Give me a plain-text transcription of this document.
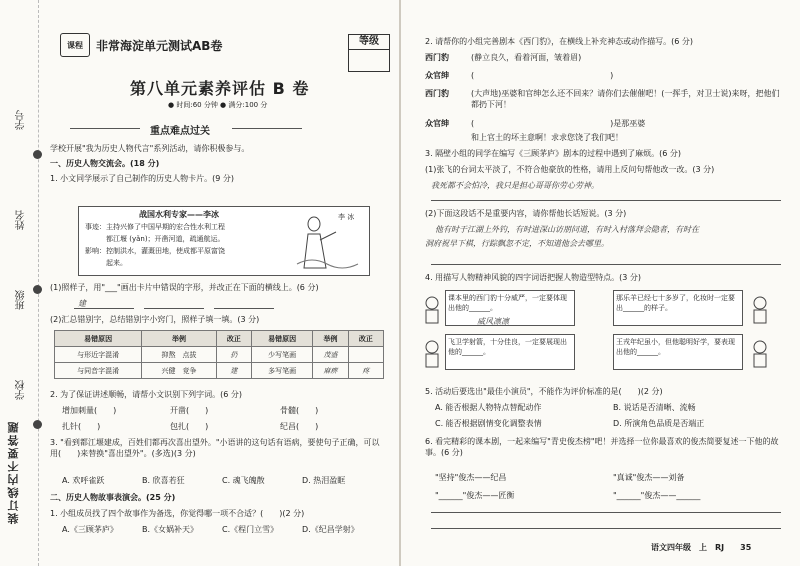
学号
姓名
班级
学校
装订线内不要答题
课程	非常海淀单元测试AB卷	等级
第八单元素养评估 B 卷
● 时间:60 分钟 ● 满分:100 分
重点难点过关
学校开展"我为历史人物代言"系列活动，请你积极参与。
一、历史人物交流会。(18 分)
1. 小文同学展示了自己制作的历史人物卡片。(9 分)
战国水利专家——李冰
事迹：主持兴修了中国早期的宏合性水利工程
　　　都江堰 (yǎn)；开凿河道，疏通航运。
影响：控制洪水，灌溉田地，使成都平原富饶
　　　起来。
李 冰
(1)照样子，用"___"画出卡片中错误的字形，并改正在下面的横线上。(6 分)
建
(2)汇总错别字，总结错别字小窍门，照样子填一填。(3 分)
易错原因	举例	改正	易错原因	举例	改正
与形近字混淆	抑熬　点拔	扔	少写笔画	茂盛	
与同音字混淆	兴健　竞争	建	多写笔画	麻痹	疼
2. 为了保证讲述顺畅，请帮小文识别下列字词。(6 分)
增加刺量(　　)	开凿(　　)	骨髓(　　)
扎针(　　)	包扎(　　)	纪昌(　　)
3. "看到都江堰建成，百姓们都再次喜出望外。"小语讲的这句话有语病，要使句子正确，可以用(　　)来替换"喜出望外"。(多选)(3 分)
A. 欢呼雀跃	B. 欣喜若狂	C. 魂飞魄散	D. 热泪盈眶
二、历史人物故事表演会。(25 分)
1. 小组成员找了四个故事作为备选，你觉得哪一项不合适？(　　)(2 分)
A.《三顾茅庐》	B.《女娲补天》	C.《程门立雪》	D.《纪昌学射》
2. 请帮你的小组完善剧本《西门豹》，在横线上补充神态或动作描写。(6 分)
西门豹	(静立良久，看着河面，皱着眉)
众官绅	(　　　　　　　　　　　　　　　　　)
西门豹	(大声地)巫婆和官绅怎么还不回来？请你们去催催吧！(一挥手，对卫士说)来呀，把他们都扔下河！
众官绅	(　　　　　　　　　　　　　　　　　)是那巫婆
和上官土的坏主意啊！求求您饶了我们吧！
3. 隔壁小组的同学在编写《三顾茅庐》剧本的过程中遇到了麻烦。(6 分)
(1)张飞的台词太平淡了，不符合他豪放的性格，请用上反问句帮他改一改。(3 分)
我死都不会怕冷，我只是担心哥哥你劳心劳神。
(2)下面这段话不是重要内容，请你帮他长话短说。(3 分)
他有时于江湖上外钓，有时进深山访朋问道，有时入村落拜会隐者，有时在
洞府祝早下棋，行踪飘忽不定，不知道他会去哪里。
4. 用描写人物精神风貌的四字词语把握人物造型特点。(3 分)
课本里的西门豹十分威严，一定要体现出他的______。
威风凛凛
那乐羊已经七十多岁了，化妆时一定要出______的样子。
飞卫学射箭，十分佳良，一定要展现出他的______。
王戎年纪虽小，但他聪明好学，要表现出他的______。
5. 活动后要选出"最佳小演员"，不能作为评价标准的是(　　)(2 分)
A. 能否根据人物特点替配动作	B. 说话是否清晰、流畅
C. 能否根据剧情变化调整表情	D. 所演角色品质是否端正
6. 看完精彩的课本剧，一起来编写"青史俊杰榜"吧！并选择一位你最喜欢的俊杰简要复述一下他的故事。(6 分)
"坚持"俊杰——纪昌	"真诚"俊杰——刘备
"______"俊杰——匠衡	"______"俊杰——______
语文四年级　上　RJ　　35
